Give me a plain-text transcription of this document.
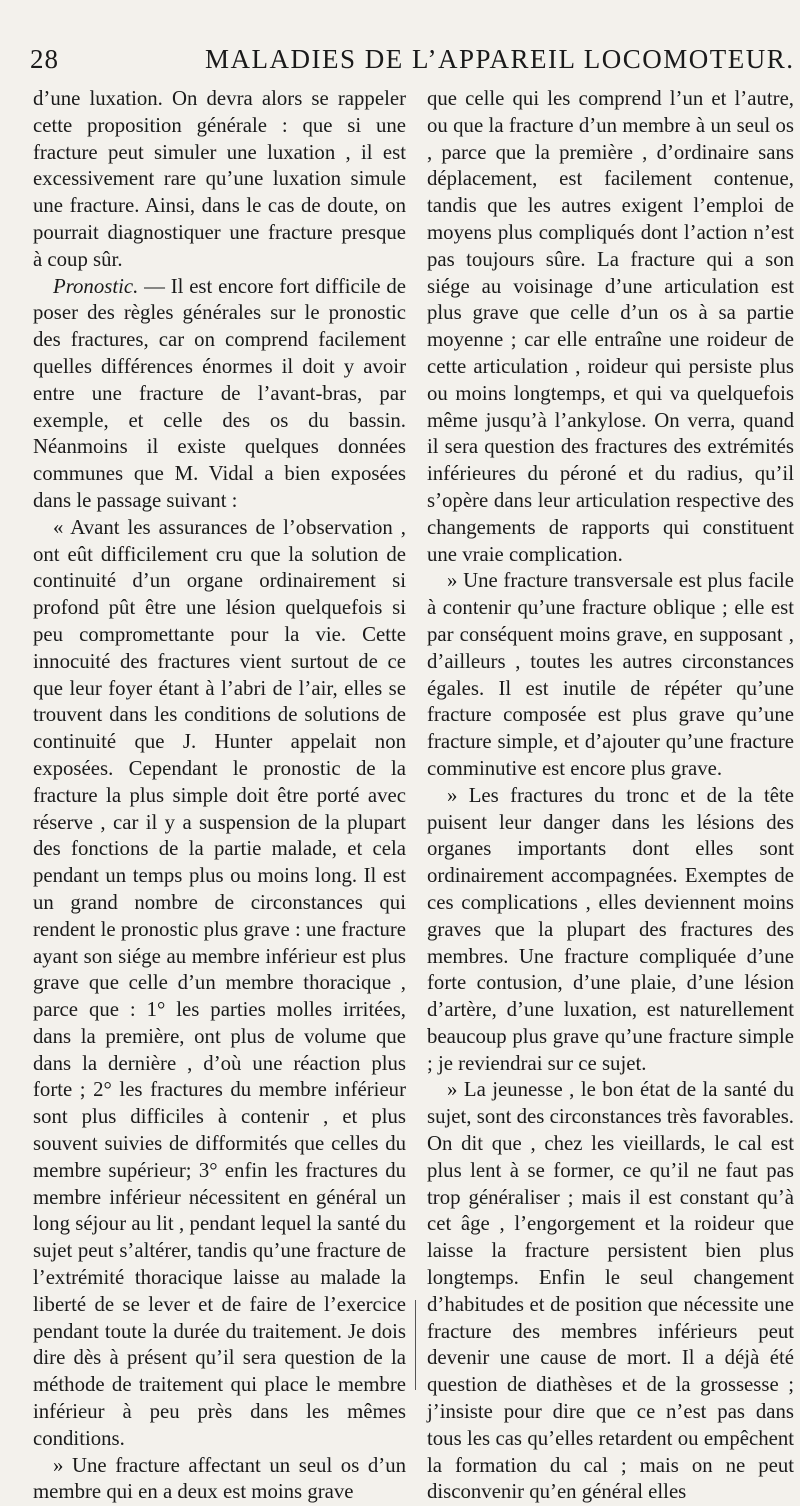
28	MALADIES DE L’APPAREIL LOCOMOTEUR.

d’une luxation. On devra alors se rappeler cette proposition générale : que si une fracture peut simuler une luxation , il est excessivement rare qu’une luxation simule une fracture. Ainsi, dans le cas de doute, on pourrait diagnostiquer une fracture presque à coup sûr.

Pronostic. — Il est encore fort difficile de poser des règles générales sur le pronostic des fractures, car on comprend facilement quelles différences énormes il doit y avoir entre une fracture de l’avant-bras, par exemple, et celle des os du bassin. Néanmoins il existe quelques données communes que M. Vidal a bien exposées dans le passage suivant :

« Avant les assurances de l’observation , ont eût difficilement cru que la solution de continuité d’un organe ordinairement si profond pût être une lésion quelquefois si peu compromettante pour la vie. Cette innocuité des fractures vient surtout de ce que leur foyer étant à l’abri de l’air, elles se trouvent dans les conditions de solutions de continuité que J. Hunter appelait non exposées. Cependant le pronostic de la fracture la plus simple doit être porté avec réserve , car il y a suspension de la plupart des fonctions de la partie malade, et cela pendant un temps plus ou moins long. Il est un grand nombre de circonstances qui rendent le pronostic plus grave : une fracture ayant son siége au membre inférieur est plus grave que celle d’un membre thoracique , parce que : 1° les parties molles irritées, dans la première, ont plus de volume que dans la dernière , d’où une réaction plus forte ; 2° les fractures du membre inférieur sont plus difficiles à contenir , et plus souvent suivies de difformités que celles du membre supérieur; 3° enfin les fractures du membre inférieur nécessitent en général un long séjour au lit , pendant lequel la santé du sujet peut s’altérer, tandis qu’une fracture de l’extrémité thoracique laisse au malade la liberté de se lever et de faire de l’exercice pendant toute la durée du traitement. Je dois dire dès à présent qu’il sera question de la méthode de traitement qui place le membre inférieur à peu près dans les mêmes conditions.

» Une fracture affectant un seul os d’un membre qui en a deux est moins grave

que celle qui les comprend l’un et l’autre, ou que la fracture d’un membre à un seul os , parce que la première , d’ordinaire sans déplacement, est facilement contenue, tandis que les autres exigent l’emploi de moyens plus compliqués dont l’action n’est pas toujours sûre. La fracture qui a son siége au voisinage d’une articulation est plus grave que celle d’un os à sa partie moyenne ; car elle entraîne une roideur de cette articulation , roideur qui persiste plus ou moins longtemps, et qui va quelquefois même jusqu’à l’ankylose. On verra, quand il sera question des fractures des extrémités inférieures du péroné et du radius, qu’il s’opère dans leur articulation respective des changements de rapports qui constituent une vraie complication.

» Une fracture transversale est plus facile à contenir qu’une fracture oblique ; elle est par conséquent moins grave, en supposant , d’ailleurs , toutes les autres circonstances égales. Il est inutile de répéter qu’une fracture composée est plus grave qu’une fracture simple, et d’ajouter qu’une fracture comminutive est encore plus grave.

» Les fractures du tronc et de la tête puisent leur danger dans les lésions des organes importants dont elles sont ordinairement accompagnées. Exemptes de ces complications , elles deviennent moins graves que la plupart des fractures des membres. Une fracture compliquée d’une forte contusion, d’une plaie, d’une lésion d’artère, d’une luxation, est naturellement beaucoup plus grave qu’une fracture simple ; je reviendrai sur ce sujet.

» La jeunesse , le bon état de la santé du sujet, sont des circonstances très favorables. On dit que , chez les vieillards, le cal est plus lent à se former, ce qu’il ne faut pas trop généraliser ; mais il est constant qu’à cet âge , l’engorgement et la roideur que laisse la fracture persistent bien plus longtemps. Enfin le seul changement d’habitudes et de position que nécessite une fracture des membres inférieurs peut devenir une cause de mort. Il a déjà été question de diathèses et de la grossesse ; j’insiste pour dire que ce n’est pas dans tous les cas qu’elles retardent ou empêchent la formation du cal ; mais on ne peut disconvenir qu’en général elles
